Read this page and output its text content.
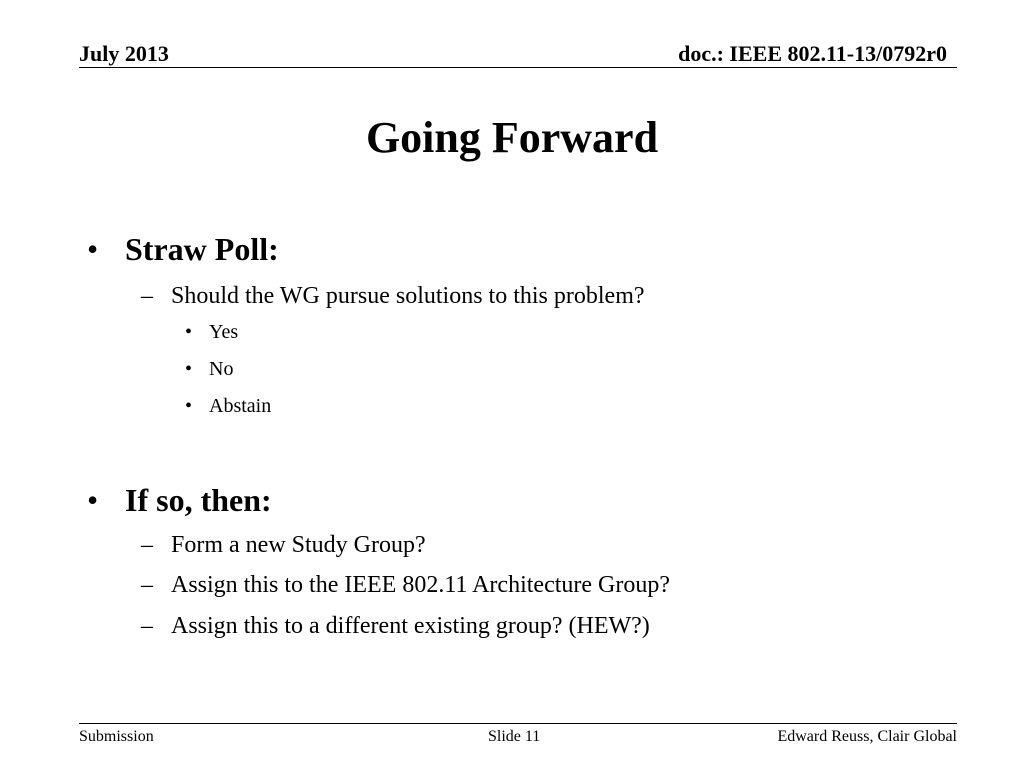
July 2013	doc.: IEEE 802.11-13/0792r0
Going Forward
• Straw Poll:
– Should the WG pursue solutions to this problem?
• Yes
• No
• Abstain
• If so, then:
– Form a new Study Group?
– Assign this to the IEEE 802.11 Architecture Group?
– Assign this to a different existing group? (HEW?)
Submission	Slide 11	Edward Reuss, Clair Global
